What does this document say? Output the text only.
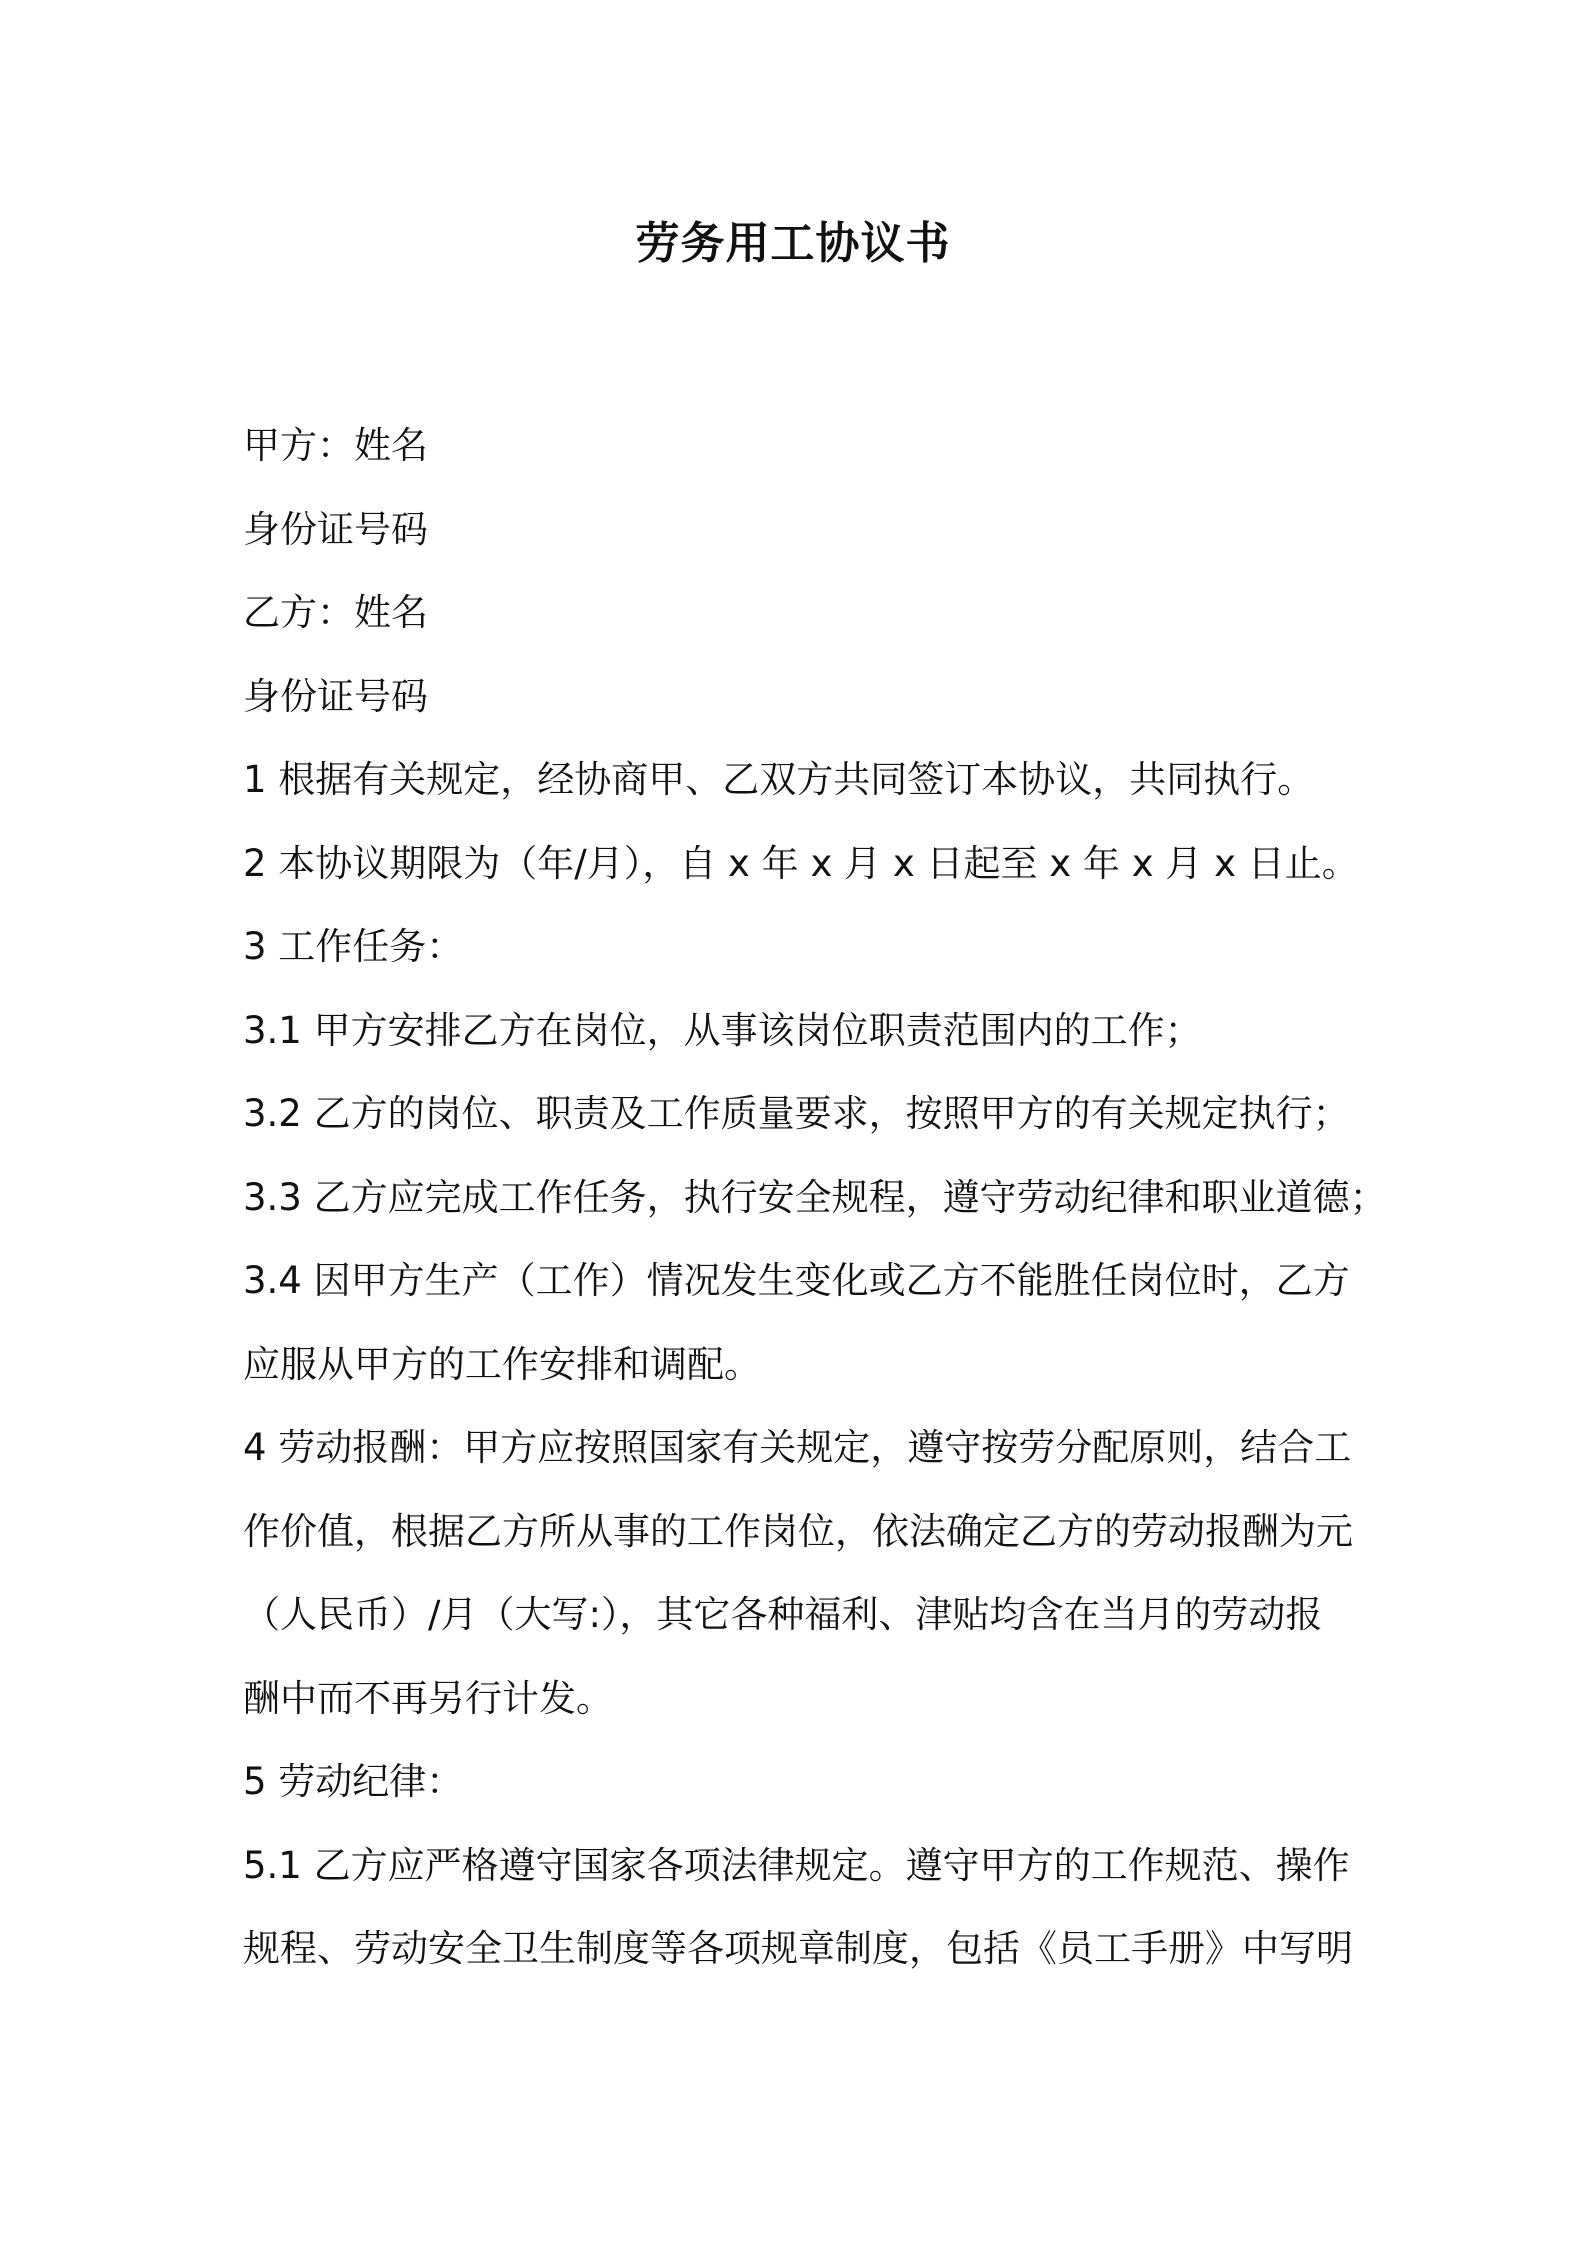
劳务用工协议书
甲方：姓名
身份证号码
乙方：姓名
身份证号码
1 根据有关规定，经协商甲、乙双方共同签订本协议，共同执行。
2 本协议期限为（年/月），自 x 年 x 月 x 日起至 x 年 x 月 x 日止。
3 工作任务：
3.1 甲方安排乙方在岗位，从事该岗位职责范围内的工作；
3.2 乙方的岗位、职责及工作质量要求，按照甲方的有关规定执行；
3.3 乙方应完成工作任务，执行安全规程，遵守劳动纪律和职业道德；
3.4 因甲方生产（工作）情况发生变化或乙方不能胜任岗位时，乙方
应服从甲方的工作安排和调配。
4 劳动报酬：甲方应按照国家有关规定，遵守按劳分配原则，结合工
作价值，根据乙方所从事的工作岗位，依法确定乙方的劳动报酬为元
（人民币）/月（大写:），其它各种福利、津贴均含在当月的劳动报
酬中而不再另行计发。
5 劳动纪律：
5.1 乙方应严格遵守国家各项法律规定。遵守甲方的工作规范、操作
规程、劳动安全卫生制度等各项规章制度，包括《员工手册》中写明
